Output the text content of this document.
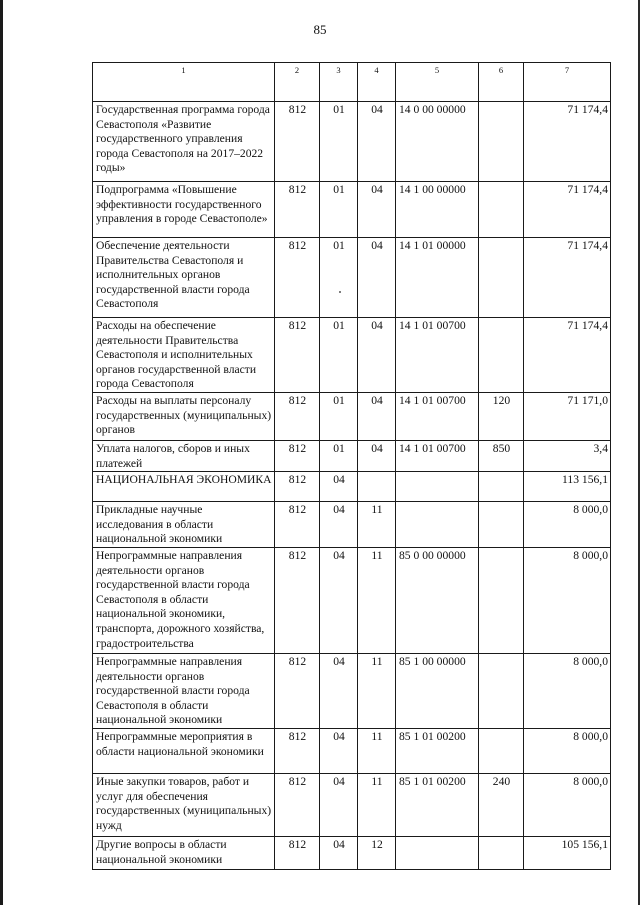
85
1	2	3	4	5	6	7
Государственная программа города Севастополя «Развитие государственного управления города Севастополя на 2017–2022 годы»	812	01	04	14 0 00 00000		71 174,4
Подпрограмма «Повышение эффективности государственного управления в городе Севастополе»	812	01	04	14 1 00 00000		71 174,4
Обеспечение деятельности Правительства Севастополя и исполнительных органов государственной власти города Севастополя	812	01	04	14 1 01 00000		71 174,4
Расходы на обеспечение деятельности Правительства Севастополя и исполнительных органов государственной власти города Севастополя	812	01	04	14 1 01 00700		71 174,4
Расходы на выплаты персоналу государственных (муниципальных) органов	812	01	04	14 1 01 00700	120	71 171,0
Уплата налогов, сборов и иных платежей	812	01	04	14 1 01 00700	850	3,4
НАЦИОНАЛЬНАЯ ЭКОНОМИКА	812	04				113 156,1
Прикладные научные исследования в области национальной экономики	812	04	11			8 000,0
Непрограммные направления деятельности органов государственной власти города Севастополя в области национальной экономики, транспорта, дорожного хозяйства, градостроительства	812	04	11	85 0 00 00000		8 000,0
Непрограммные направления деятельности органов государственной власти города Севастополя в области национальной экономики	812	04	11	85 1 00 00000		8 000,0
Непрограммные мероприятия в области национальной экономики	812	04	11	85 1 01 00200		8 000,0
Иные закупки товаров, работ и услуг для обеспечения государственных (муниципальных) нужд	812	04	11	85 1 01 00200	240	8 000,0
Другие вопросы в области национальной экономики	812	04	12			105 156,1
